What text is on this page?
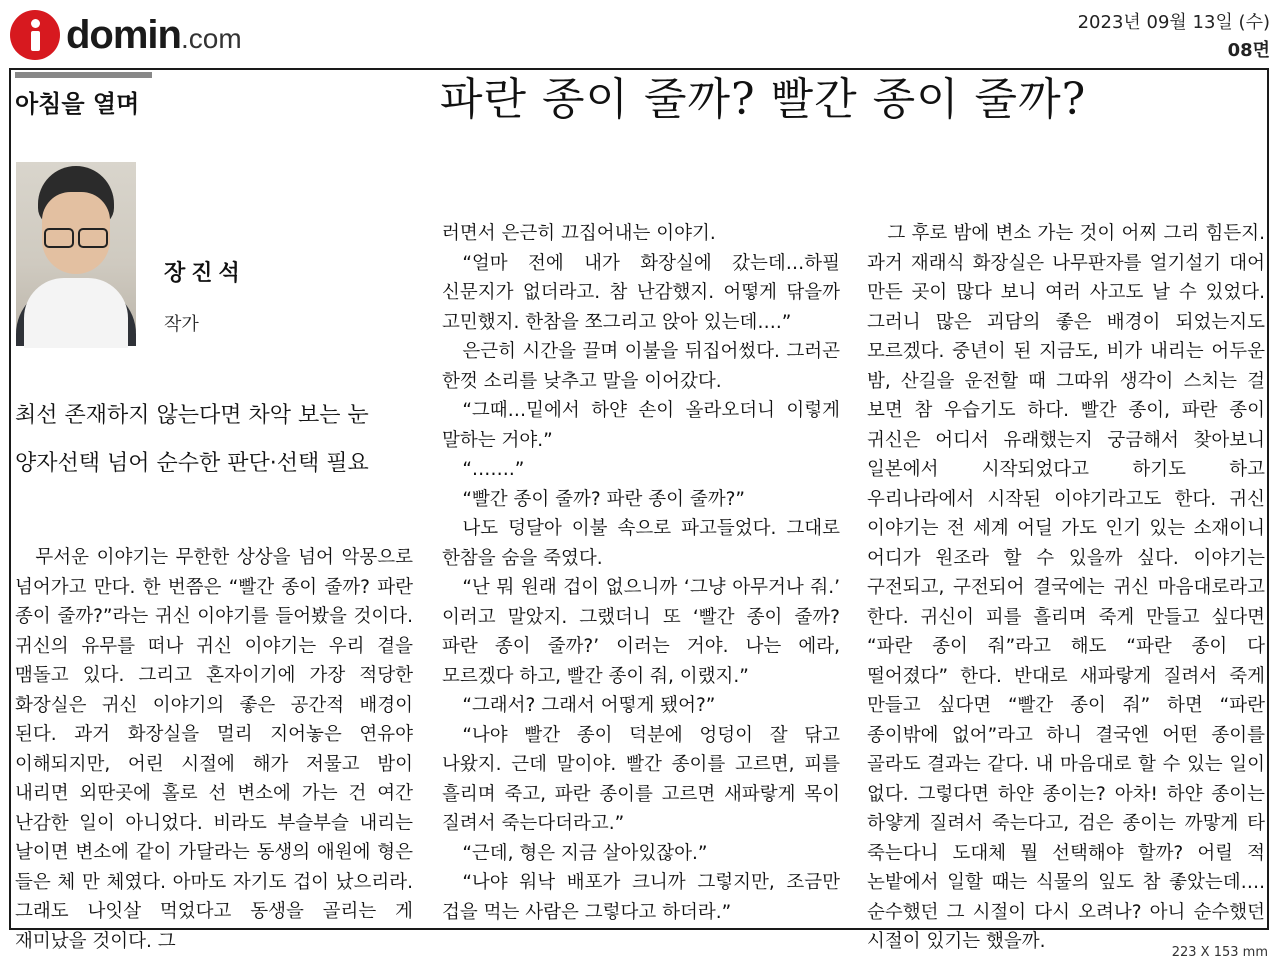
domin.com
2023년 09월 13일 (수)
08면
아침을 열며	파란 종이 줄까? 빨간 종이 줄까?
장진석
작가
최선 존재하지 않는다면 차악 보는 눈
양자선택 넘어 순수한 판단·선택 필요

무서운 이야기는 무한한 상상을 넘어 악몽으로 넘어가고 만다. 한 번쯤은 “빨간 종이 줄까? 파란 종이 줄까?”라는 귀신 이야기를 들어봤을 것이다. 귀신의 유무를 떠나 귀신 이야기는 우리 곁을 맴돌고 있다. 그리고 혼자이기에 가장 적당한 화장실은 귀신 이야기의 좋은 공간적 배경이 된다. 과거 화장실을 멀리 지어놓은 연유야 이해되지만, 어린 시절에 해가 저물고 밤이 내리면 외딴곳에 홀로 선 변소에 가는 건 여간 난감한 일이 아니었다. 비라도 부슬부슬 내리는 날이면 변소에 같이 가달라는 동생의 애원에 형은 들은 체 만 체였다. 아마도 자기도 겁이 났으리라. 그래도 나잇살 먹었다고 동생을 골리는 게 재미났을 것이다. 그

러면서 은근히 끄집어내는 이야기.

“얼마 전에 내가 화장실에 갔는데…하필 신문지가 없더라고. 참 난감했지. 어떻게 닦을까 고민했지. 한참을 쪼그리고 앉아 있는데….”

은근히 시간을 끌며 이불을 뒤집어썼다. 그러곤 한껏 소리를 낮추고 말을 이어갔다.

“그때…밑에서 하얀 손이 올라오더니 이렇게 말하는 거야.”

“…….”

“빨간 종이 줄까? 파란 종이 줄까?”

나도 덩달아 이불 속으로 파고들었다. 그대로 한참을 숨을 죽였다.

“난 뭐 원래 겁이 없으니까 ‘그냥 아무거나 줘.’ 이러고 말았지. 그랬더니 또 ‘빨간 종이 줄까? 파란 종이 줄까?’ 이러는 거야. 나는 에라, 모르겠다 하고, 빨간 종이 줘, 이랬지.”

“그래서? 그래서 어떻게 됐어?”

“나야 빨간 종이 덕분에 엉덩이 잘 닦고 나왔지. 근데 말이야. 빨간 종이를 고르면, 피를 흘리며 죽고, 파란 종이를 고르면 새파랗게 목이 질려서 죽는다더라고.”

“근데, 형은 지금 살아있잖아.”

“나야 워낙 배포가 크니까 그렇지만, 조금만 겁을 먹는 사람은 그렇다고 하더라.”

그 후로 밤에 변소 가는 것이 어찌 그리 힘든지. 과거 재래식 화장실은 나무판자를 얼기설기 대어 만든 곳이 많다 보니 여러 사고도 날 수 있었다. 그러니 많은 괴담의 좋은 배경이 되었는지도 모르겠다. 중년이 된 지금도, 비가 내리는 어두운 밤, 산길을 운전할 때 그따위 생각이 스치는 걸 보면 참 우습기도 하다. 빨간 종이, 파란 종이 귀신은 어디서 유래했는지 궁금해서 찾아보니 일본에서 시작되었다고 하기도 하고 우리나라에서 시작된 이야기라고도 한다. 귀신 이야기는 전 세계 어딜 가도 인기 있는 소재이니 어디가 원조라 할 수 있을까 싶다. 이야기는 구전되고, 구전되어 결국에는 귀신 마음대로라고 한다. 귀신이 피를 흘리며 죽게 만들고 싶다면 “파란 종이 줘”라고 해도 “파란 종이 다 떨어졌다” 한다. 반대로 새파랗게 질려서 죽게 만들고 싶다면 “빨간 종이 줘” 하면 “파란 종이밖에 없어”라고 하니 결국엔 어떤 종이를 골라도 결과는 같다. 내 마음대로 할 수 있는 일이 없다. 그렇다면 하얀 종이는? 아차! 하얀 종이는 하얗게 질려서 죽는다고, 검은 종이는 까맣게 타 죽는다니 도대체 뭘 선택해야 할까? 어릴 적 논밭에서 일할 때는 식물의 잎도 참 좋았는데…. 순수했던 그 시절이 다시 오려나? 아니 순수했던 시절이 있기는 했을까.

223 X 153 mm
